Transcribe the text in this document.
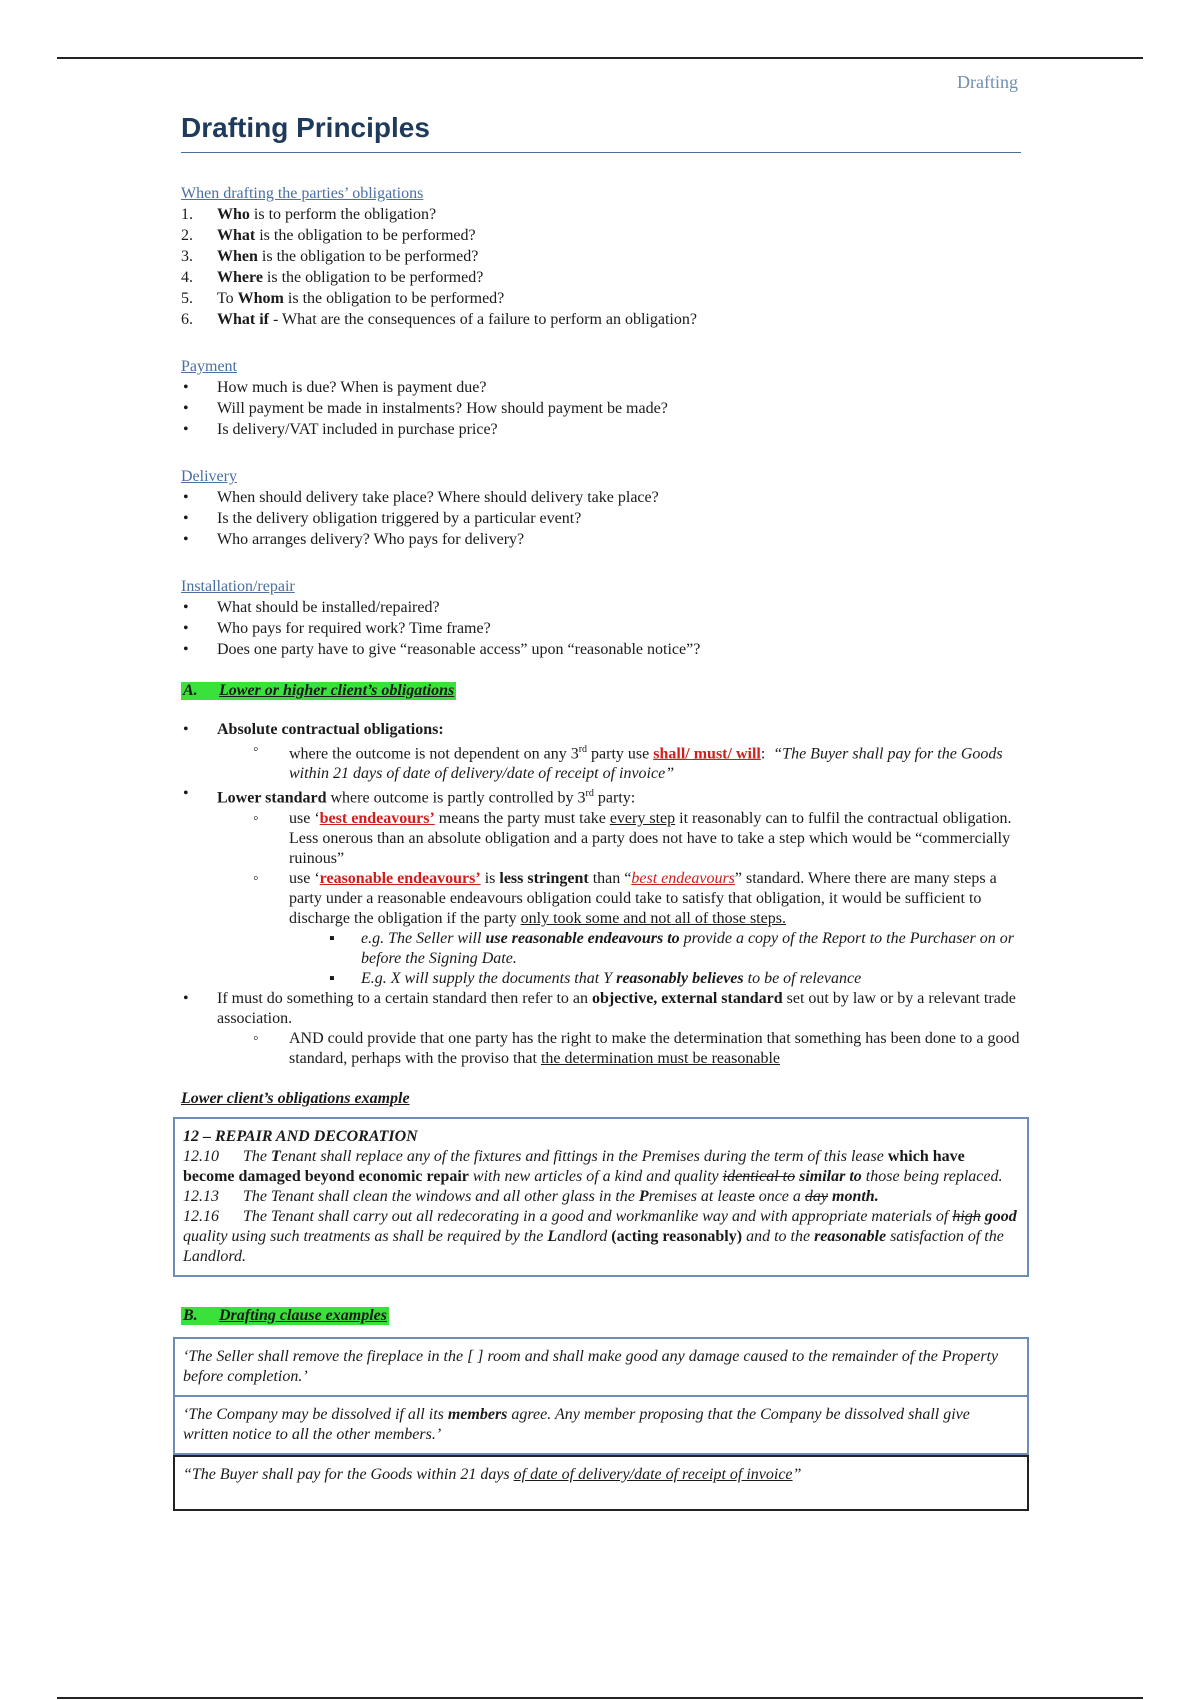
Drafting
Drafting Principles

When drafting the parties’ obligations

1. Who is to perform the obligation?
2. What is the obligation to be performed?
3. When is the obligation to be performed?
4. Where is the obligation to be performed?
5. To Whom is the obligation to be performed?
6. What if - What are the consequences of a failure to perform an obligation?

Payment

• How much is due? When is payment due?
• Will payment be made in instalments? How should payment be made?
• Is delivery/VAT included in purchase price?

Delivery

• When should delivery take place? Where should delivery take place?
• Is the delivery obligation triggered by a particular event?
• Who arranges delivery? Who pays for delivery?

Installation/repair

• What should be installed/repaired?
• Who pays for required work? Time frame?
• Does one party have to give “reasonable access” upon “reasonable notice”?
A. Lower or higher client’s obligations
• Absolute contractual obligations:
◦ where the outcome is not dependent on any 3rd party use shall/ must/ will:  “The Buyer shall pay for the Goods within 21 days of date of delivery/date of receipt of invoice”
• Lower standard where outcome is partly controlled by 3rd party:
◦ use ‘best endeavours’ means the party must take every step it reasonably can to fulfil the contractual obligation. Less onerous than an absolute obligation and a party does not have to take a step which would be “commercially ruinous”
◦ use ‘reasonable endeavours’ is less stringent than “best endeavours” standard. Where there are many steps a party under a reasonable endeavours obligation could take to satisfy that obligation, it would be sufficient to discharge the obligation if the party only took some and not all of those steps.
▪ e.g. The Seller will use reasonable endeavours to provide a copy of the Report to the Purchaser on or before the Signing Date.
▪ E.g. X will supply the documents that Y reasonably believes to be of relevance
• If must do something to a certain standard then refer to an objective, external standard set out by law or by a relevant trade association.
◦ AND could provide that one party has the right to make the determination that something has been done to a good standard, perhaps with the proviso that the determination must be reasonable

Lower client’s obligations example

12 – REPAIR AND DECORATION
12.10 The Tenant shall replace any of the fixtures and fittings in the Premises during the term of this lease which have become damaged beyond economic repair with new articles of a kind and quality identical to similar to those being replaced.
12.13 The Tenant shall clean the windows and all other glass in the Premises at leaste once a day month.
12.16 The Tenant shall carry out all redecorating in a good and workmanlike way and with appropriate materials of high good quality using such treatments as shall be required by the Landlord (acting reasonably) and to the reasonable satisfaction of the Landlord.
B. Drafting clause examples
‘The Seller shall remove the fireplace in the [ ] room and shall make good any damage caused to the remainder of the Property before completion.’
‘The Company may be dissolved if all its members agree. Any member proposing that the Company be dissolved shall give written notice to all the other members.’
“The Buyer shall pay for the Goods within 21 days of date of delivery/date of receipt of invoice”
